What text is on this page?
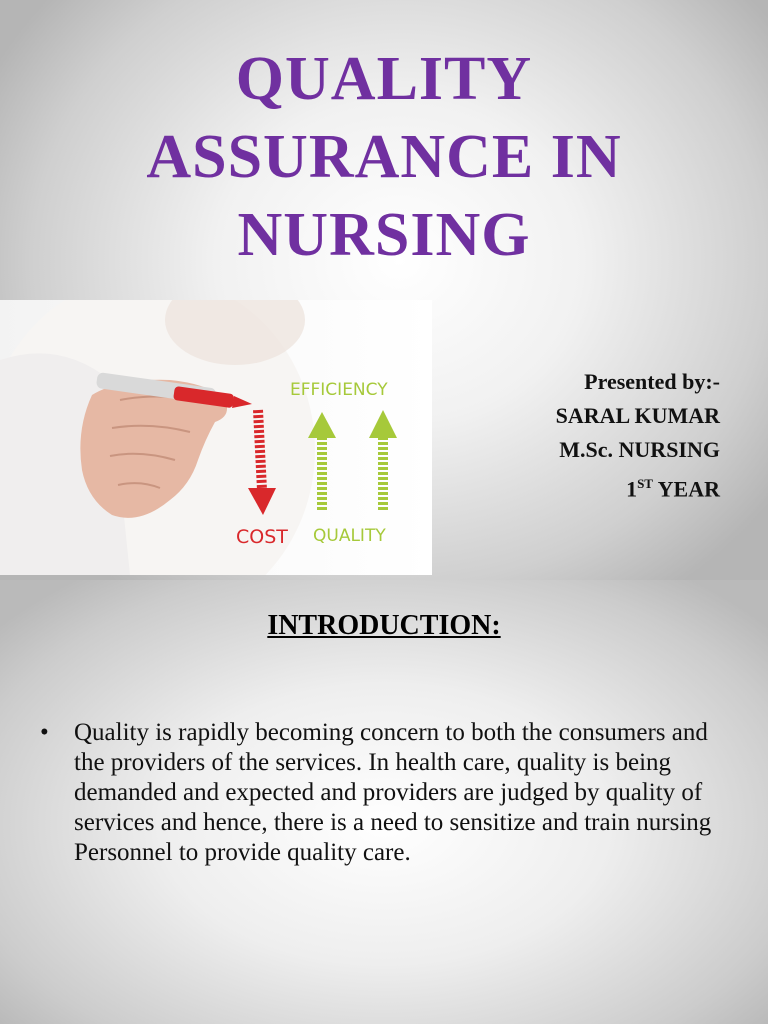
QUALITY
ASSURANCE IN
NURSING
EFFICIENCY
COST QUALITY
Presented by:-
SARAL KUMAR
M.Sc. NURSING
1ST YEAR
INTRODUCTION:
•	Quality is rapidly becoming concern to both the consumers and the providers of the services. In health care, quality is being demanded and expected and providers are judged by quality of services and hence, there is a need to sensitize and train nursing Personnel to provide quality care.
